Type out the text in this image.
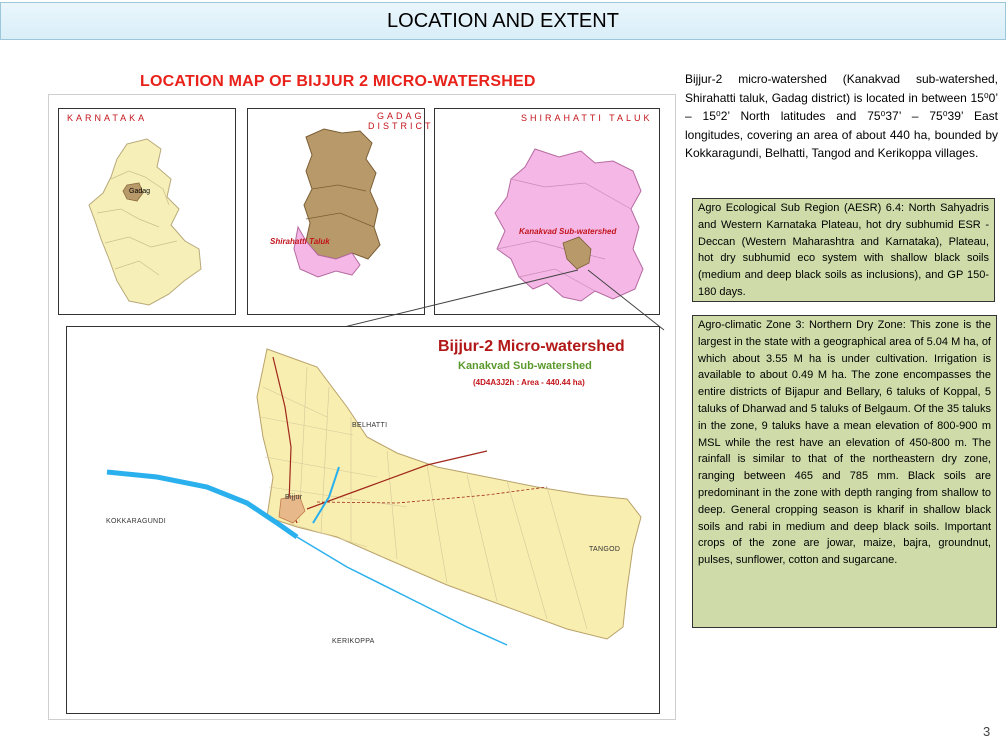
LOCATION AND EXTENT
LOCATION MAP OF BIJJUR 2 MICRO-WATERSHED
Gadag
KARNATAKA	GADAG DISTRICT
Shirahatti Taluk
SHIRAHATTI TALUK
Kanakvad Sub-watershed
BELHATTI
Bijjur
KOKKARAGUNDI
TANGOD
KERIKOPPA
Bijjur-2 Micro-watershed
Kanakvad Sub-watershed
(4D4A3J2h : Area - 440.44 ha)
Bijjur-2 micro-watershed (Kanakvad sub-watershed, Shirahatti taluk, Gadag district) is located in between 15⁰0’ – 15⁰2’ North latitudes and 75⁰37’ – 75⁰39’ East longitudes, covering an area of about 440 ha, bounded by Kokkaragundi, Belhatti, Tangod and Kerikoppa villages.
Agro Ecological Sub Region (AESR) 6.4: North Sahyadris and Western Karnataka Plateau, hot dry subhumid ESR - Deccan (Western Maharashtra and Karnataka), Plateau, hot dry subhumid eco system with shallow black soils (medium and deep black soils as inclusions), and GP 150-180 days.
Agro-climatic Zone 3: Northern Dry Zone: This zone is the largest in the state with a geographical area of 5.04 M ha, of which about 3.55 M ha is under cultivation. Irrigation is available to about 0.49 M ha. The zone encompasses the entire districts of Bijapur and Bellary, 6 taluks of Koppal, 5 taluks of Dharwad and 5 taluks of Belgaum. Of the 35 taluks in the zone, 9 taluks have a mean elevation of 800-900 m MSL while the rest have an elevation of 450-800 m. The rainfall is similar to that of the northeastern dry zone, ranging between 465 and 785 mm. Black soils are predominant in the zone with depth ranging from shallow to deep. General cropping season is kharif in shallow black soils and rabi in medium and deep black soils. Important crops of the zone are jowar, maize, bajra, groundnut, pulses, sunflower, cotton and sugarcane.
3
